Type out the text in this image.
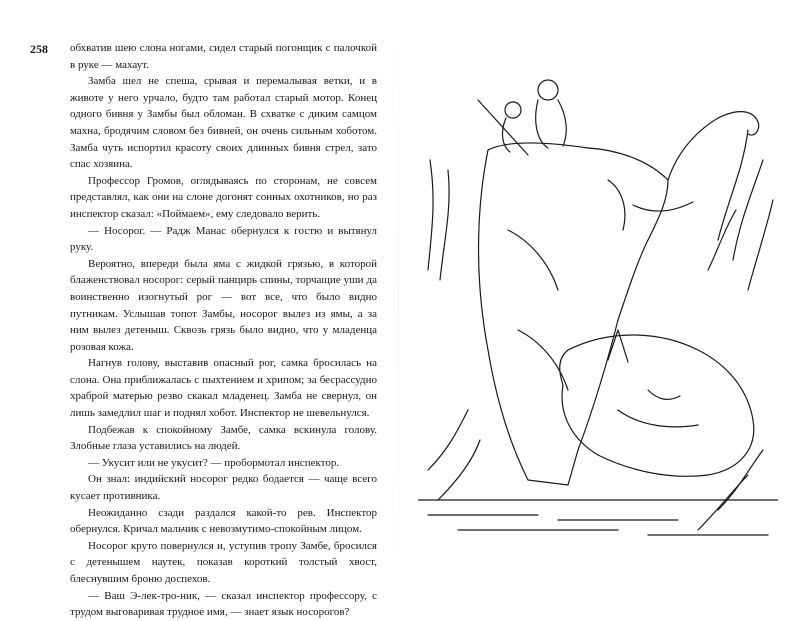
258 обхватив шею слона ногами, сидел старый погонщик с палочкой в руке — махаут.

Замба шел не спеша, срывая и перемалывая ветки, и в животе у него урчало, будто там работал старый мотор. Конец одного бивня у Замбы был обломан. В схватке с диким самцом махна, бродячим словом без бивней, он очень сильным хоботом. Замба чуть испортил красоту своих длинных бивня стрел, зато спас хозяина.

Профессор Громов, оглядываясь по сторонам, не совсем представлял, как они на слоне догонят сонных охотников, но раз инспектор сказал: «Поймаем», ему следовало верить.

— Носорог. — Радж Манас обернулся к гостю и вытянул руку.

Вероятно, впереди была яма с жидкой грязью, в которой блаженствовал носорог: серый панцирь спины, торчащие уши да воинственно изогнутый рог — вот все, что было видно путникам. Услышав топот Замбы, носорог вылез из ямы, а за ним вылез детеныш. Сквозь грязь было видно, что у младенца розовая кожа.

Нагнув голову, выставив опасный рог, самка бросилась на слона. Она приближалась с пыхтением и хрипом; за бесрассудно храброй матерью резво скакал младенец. Замба не свернул, он лишь замедлил шаг и поднял хобот. Инспектор не шевельнулся.

Подбежав к спокойному Замбе, самка вскинула голову. Злобные глаза уставились на людей.

— Укусит или не укусит? — пробормотал инспектор.

Он знал: индийский носорог редко бодается — чаще всего кусает противника.

Неожиданно сзади раздался какой-то рев. Инспектор обернулся. Кричал мальчик с невозмутимо-спокойным лицом.

Носорог круто повернулся и, уступив тропу Замбе, бросился с детенышем наутек, показав короткий толстый хвост, блеснувшим броню доспехов.

— Ваш Э-лек-тро-ник, — сказал инспектор профессору, с трудом выговаривая трудное имя, — знает язык носорогов?
